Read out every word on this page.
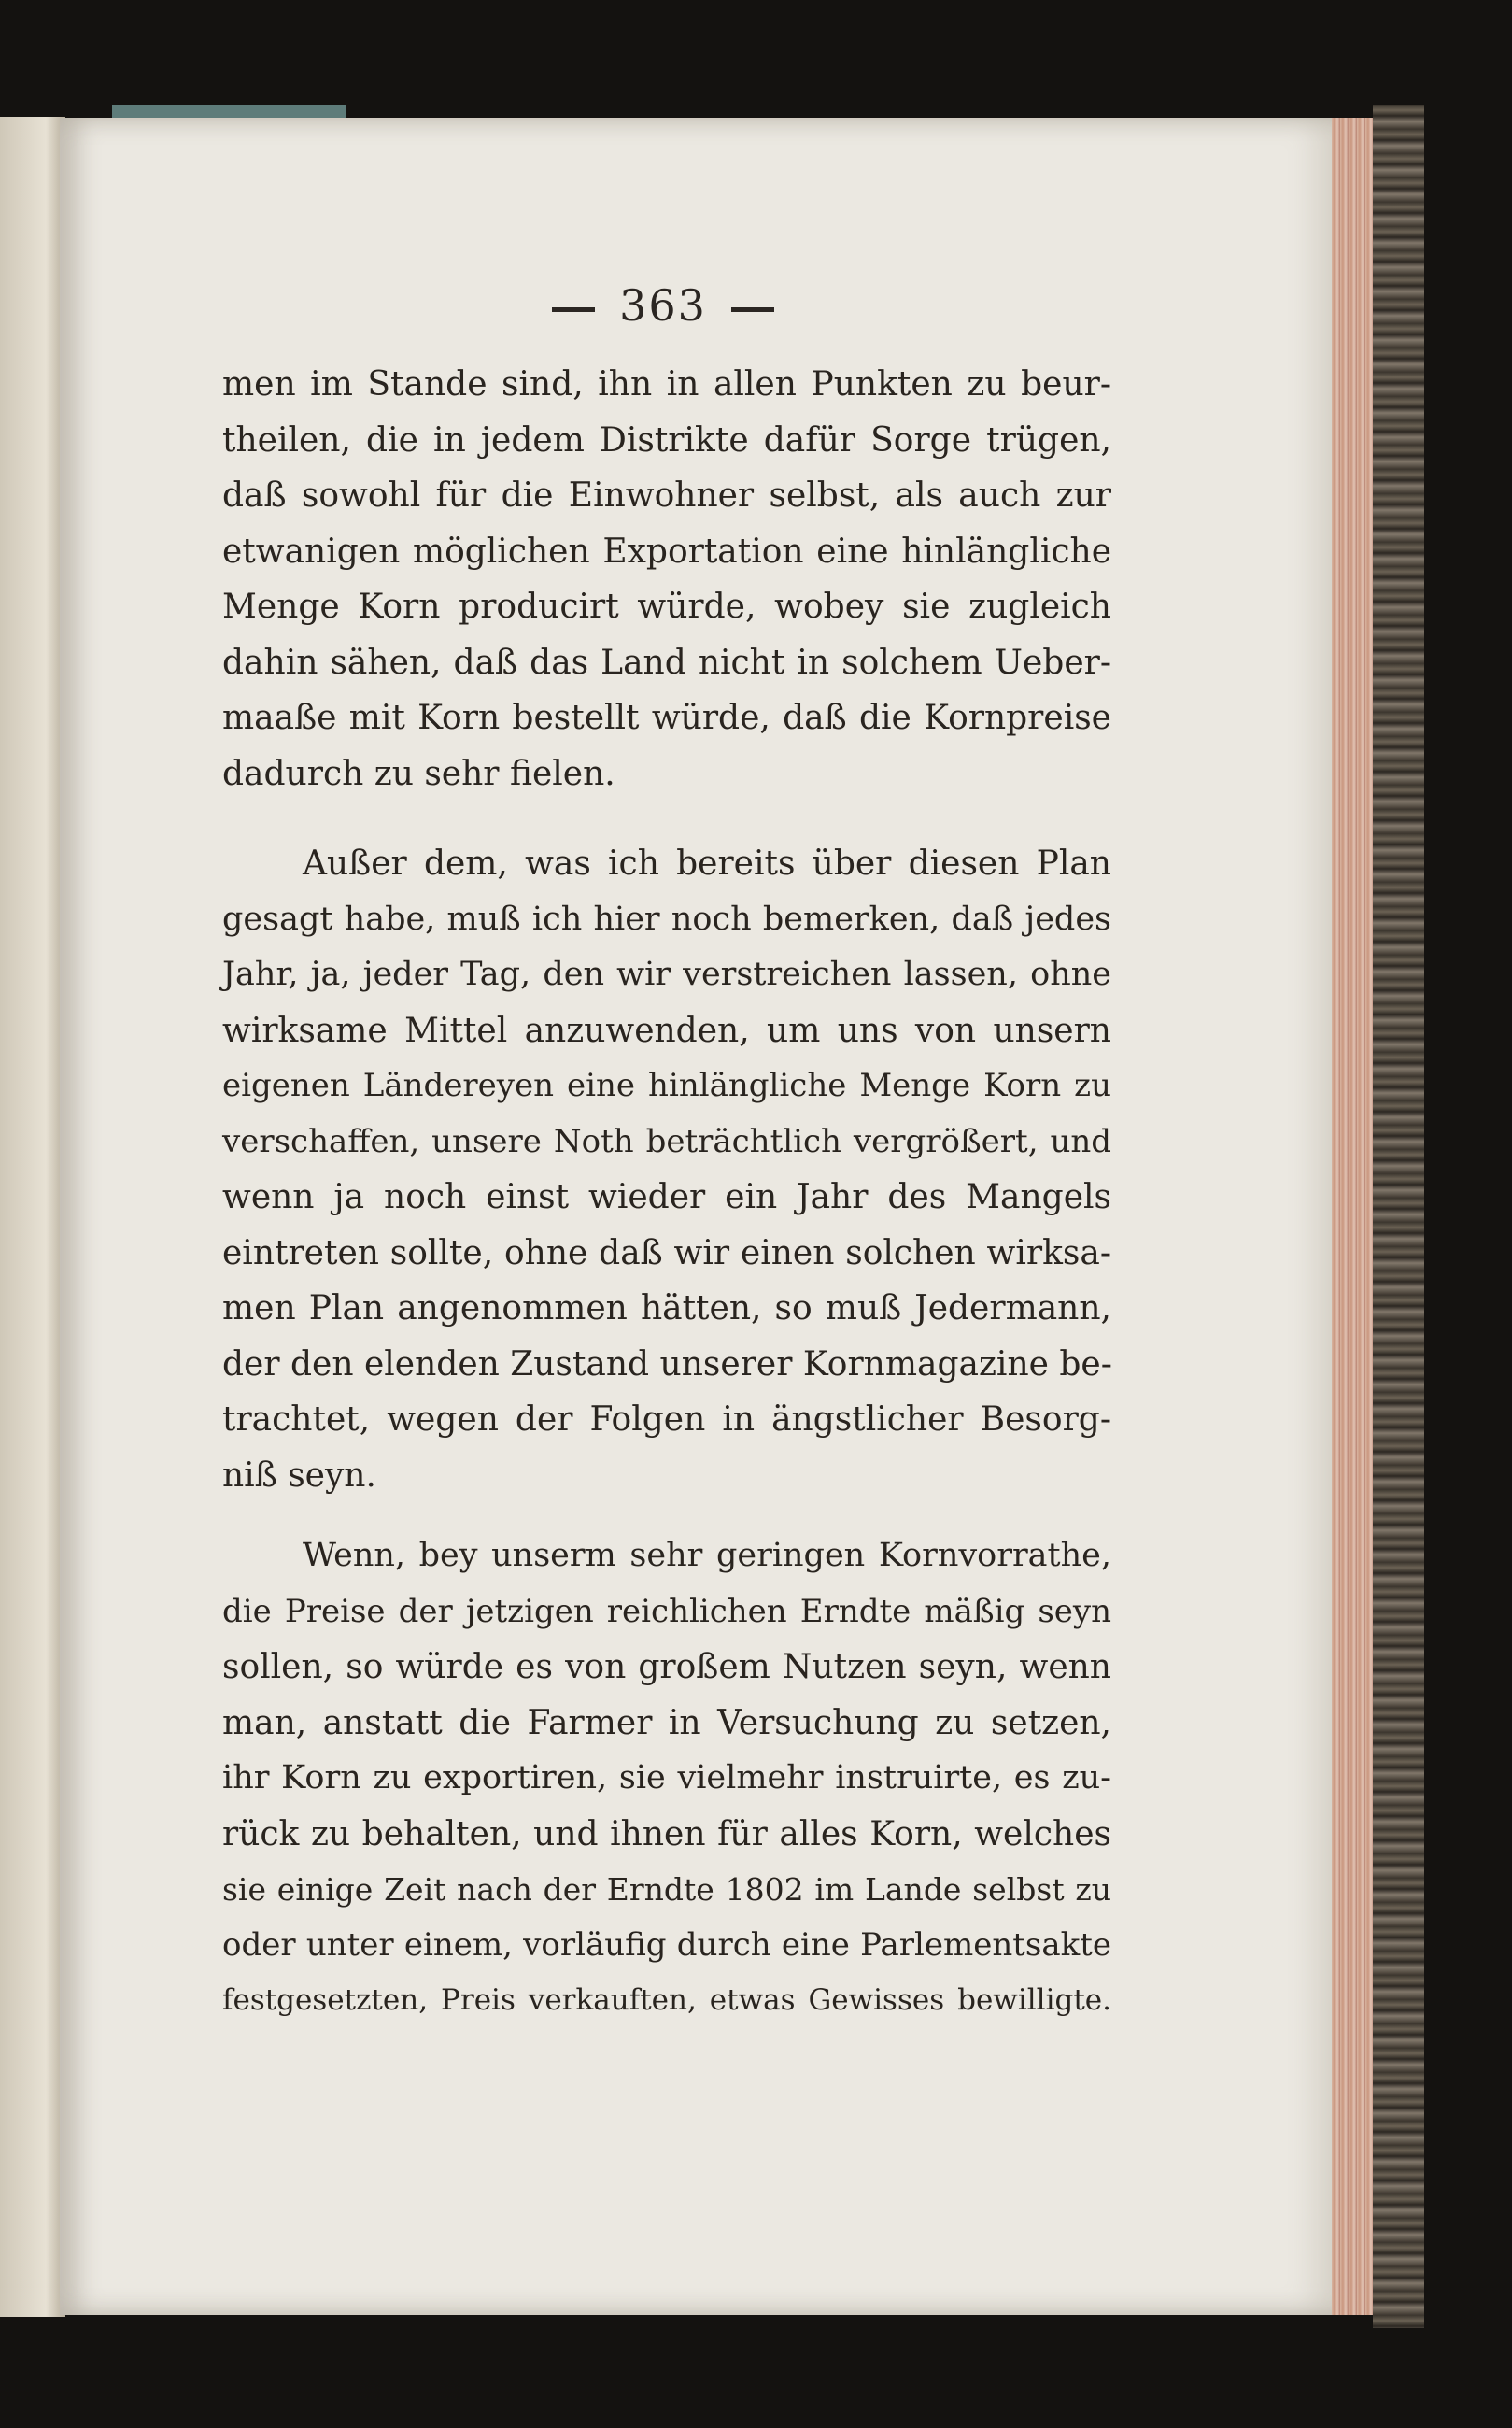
363
men im Stande sind, ihn in allen Punkten zu beur-
theilen, die in jedem Distrikte dafür Sorge trügen,
daß sowohl für die Einwohner selbst, als auch zur
etwanigen möglichen Exportation eine hinlängliche
Menge Korn producirt würde, wobey sie zugleich
dahin sähen, daß das Land nicht in solchem Ueber-
maaße mit Korn bestellt würde, daß die Kornpreise
dadurch zu sehr fielen.
Außer dem, was ich bereits über diesen Plan
gesagt habe, muß ich hier noch bemerken, daß jedes
Jahr, ja, jeder Tag, den wir verstreichen lassen, ohne
wirksame Mittel anzuwenden, um uns von unsern
eigenen Ländereyen eine hinlängliche Menge Korn zu
verschaffen, unsere Noth beträchtlich vergrößert, und
wenn ja noch einst wieder ein Jahr des Mangels
eintreten sollte, ohne daß wir einen solchen wirksa-
men Plan angenommen hätten, so muß Jedermann,
der den elenden Zustand unserer Kornmagazine be-
trachtet, wegen der Folgen in ängstlicher Besorg-
niß seyn.
Wenn, bey unserm sehr geringen Kornvorrathe,
die Preise der jetzigen reichlichen Erndte mäßig seyn
sollen, so würde es von großem Nutzen seyn, wenn
man, anstatt die Farmer in Versuchung zu setzen,
ihr Korn zu exportiren, sie vielmehr instruirte, es zu-
rück zu behalten, und ihnen für alles Korn, welches
sie einige Zeit nach der Erndte 1802 im Lande selbst zu
oder unter einem, vorläufig durch eine Parlementsakte
festgesetzten, Preis verkauften, etwas Gewisses bewilligte.
